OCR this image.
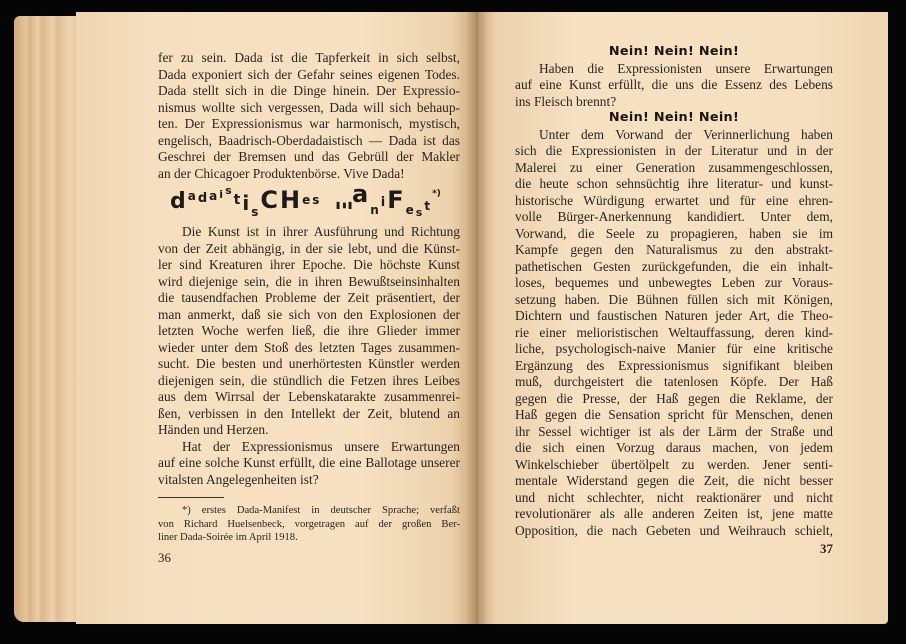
fer zu sein. Dada ist die Tapferkeit in sich selbst,
Dada exponiert sich der Gefahr seines eigenen Todes.
Dada stellt sich in die Dinge hinein. Der Expressio-
nismus wollte sich vergessen, Dada will sich behaup-
ten. Der Expressionismus war harmonisch, mystisch,
engelisch, Baadrisch-Oberdadaistisch — Dada ist das
Geschrei der Bremsen und das Gebrüll der Makler
an der Chicagoer Produktenbörse. Vive Dada!
d a d a i st i sCH e s Ξan iF e s t*)
Die Kunst ist in ihrer Ausführung und Richtung
von der Zeit abhängig, in der sie lebt, und die Künst-
ler sind Kreaturen ihrer Epoche. Die höchste Kunst
wird diejenige sein, die in ihren Bewußtseinsinhalten
die tausendfachen Probleme der Zeit präsentiert, der
man anmerkt, daß sie sich von den Explosionen der
letzten Woche werfen ließ, die ihre Glieder immer
wieder unter dem Stoß des letzten Tages zusammen-
sucht. Die besten und unerhörtesten Künstler werden
diejenigen sein, die stündlich die Fetzen ihres Leibes
aus dem Wirrsal der Lebenskatarakte zusammenrei-
ßen, verbissen in den Intellekt der Zeit, blutend an
Händen und Herzen.
Hat der Expressionismus unsere Erwartungen
auf eine solche Kunst erfüllt, die eine Ballotage unserer
vitalsten Angelegenheiten ist?
*) erstes Dada-Manifest in deutscher Sprache; verfaßt
von Richard Huelsenbeck, vorgetragen auf der großen Ber-
liner Dada-Soirée im April 1918.
36
Nein! Nein! Nein!
Haben die Expressionisten unsere Erwartungen
auf eine Kunst erfüllt, die uns die Essenz des Lebens
ins Fleisch brennt?
Nein! Nein! Nein!
Unter dem Vorwand der Verinnerlichung haben
sich die Expressionisten in der Literatur und in der
Malerei zu einer Generation zusammengeschlossen,
die heute schon sehnsüchtig ihre literatur- und kunst-
historische Würdigung erwartet und für eine ehren-
volle Bürger-Anerkennung kandidiert. Unter dem,
Vorwand, die Seele zu propagieren, haben sie im
Kampfe gegen den Naturalismus zu den abstrakt-
pathetischen Gesten zurückgefunden, die ein inhalt-
loses, bequemes und unbewegtes Leben zur Voraus-
setzung haben. Die Bühnen füllen sich mit Königen,
Dichtern und faustischen Naturen jeder Art, die Theo-
rie einer melioristischen Weltauffassung, deren kind-
liche, psychologisch-naive Manier für eine kritische
Ergänzung des Expressionismus signifikant bleiben
muß, durchgeistert die tatenlosen Köpfe. Der Haß
gegen die Presse, der Haß gegen die Reklame, der
Haß gegen die Sensation spricht für Menschen, denen
ihr Sessel wichtiger ist als der Lärm der Straße und
die sich einen Vorzug daraus machen, von jedem
Winkelschieber übertölpelt zu werden. Jener senti-
mentale Widerstand gegen die Zeit, die nicht besser
und nicht schlechter, nicht reaktionärer und nicht
revolutionärer als alle anderen Zeiten ist, jene matte
Opposition, die nach Gebeten und Weihrauch schielt,
37
